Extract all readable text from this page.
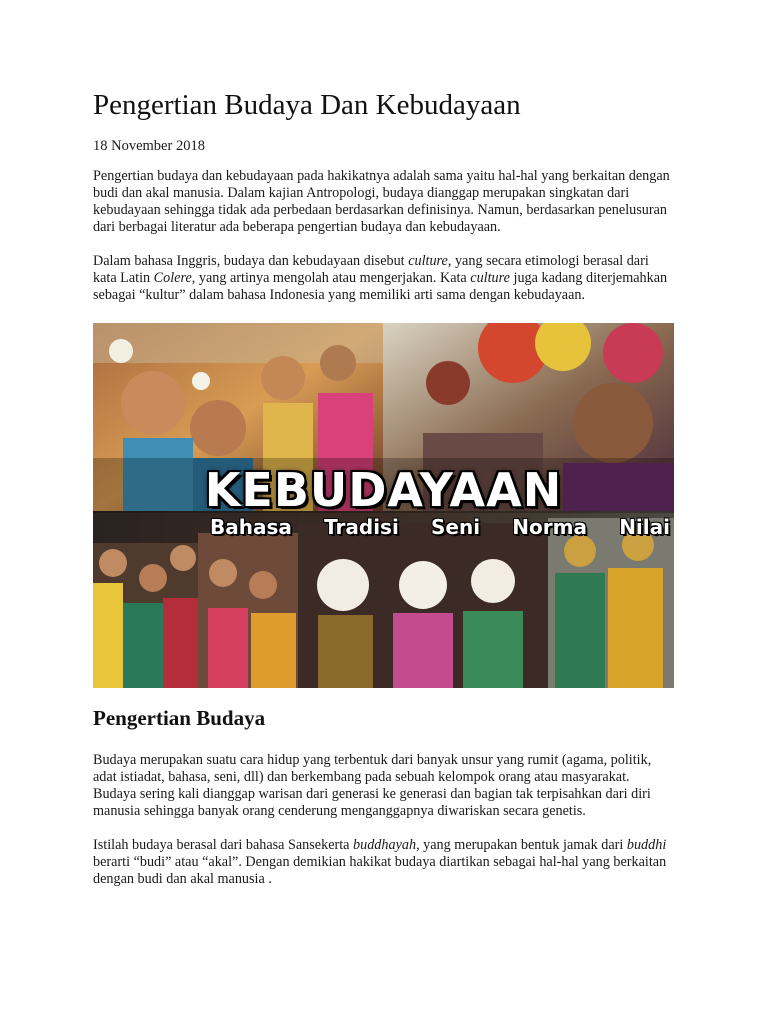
Pengertian Budaya Dan Kebudayaan
18 November 2018

Pengertian budaya dan kebudayaan pada hakikatnya adalah sama yaitu hal-hal yang berkaitan dengan budi dan akal manusia. Dalam kajian Antropologi, budaya dianggap merupakan singkatan dari kebudayaan sehingga tidak ada perbedaan berdasarkan definisinya. Namun, berdasarkan penelusuran dari berbagai literatur ada beberapa pengertian budaya dan kebudayaan.

Dalam bahasa Inggris, budaya dan kebudayaan disebut culture, yang secara etimologi berasal dari kata Latin Colere, yang artinya mengolah atau mengerjakan. Kata culture juga kadang diterjemahkan sebagai “kultur” dalam bahasa Indonesia yang memiliki arti sama dengan kebudayaan.

KEBUDAYAAN
Bahasa Tradisi Seni Norma Nilai
Pengertian Budaya

Budaya merupakan suatu cara hidup yang terbentuk dari banyak unsur yang rumit (agama, politik, adat istiadat, bahasa, seni, dll) dan berkembang pada sebuah kelompok orang atau masyarakat. Budaya sering kali dianggap warisan dari generasi ke generasi dan bagian tak terpisahkan dari diri manusia sehingga banyak orang cenderung menganggapnya diwariskan secara genetis.

Istilah budaya berasal dari bahasa Sansekerta buddhayah, yang merupakan bentuk jamak dari buddhi berarti “budi” atau “akal”. Dengan demikian hakikat budaya diartikan sebagai hal-hal yang berkaitan dengan budi dan akal manusia .
